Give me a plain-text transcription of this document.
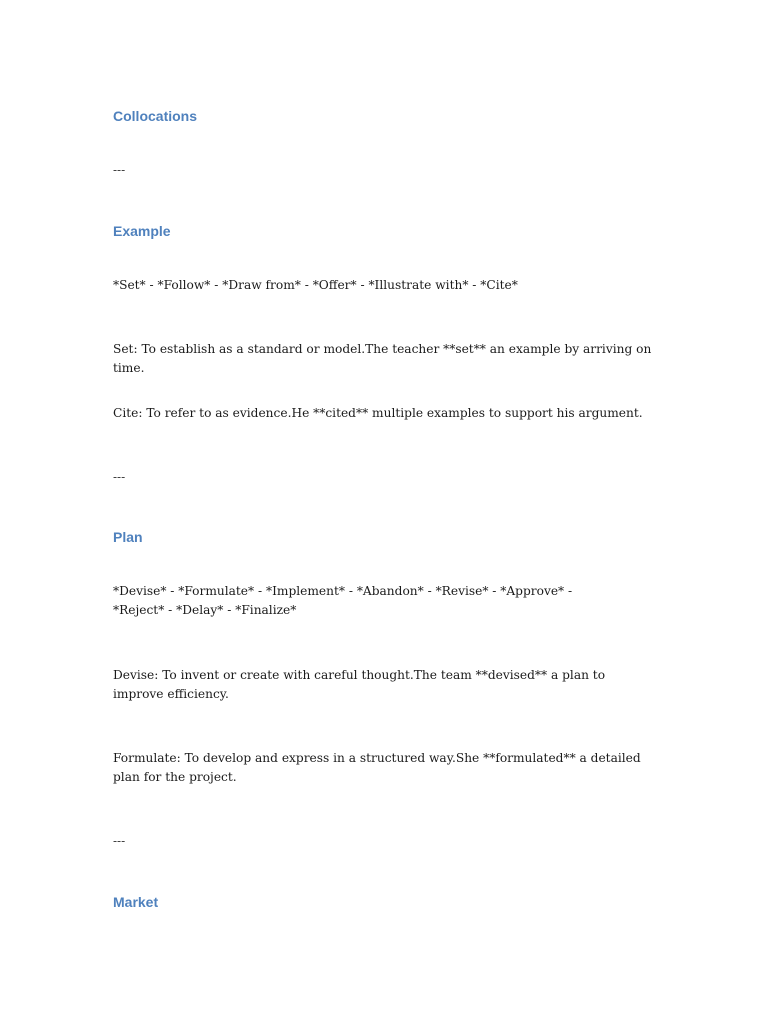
Collocations
---
Example
*Set* - *Follow* - *Draw from* - *Offer* - *Illustrate with* - *Cite*
Set: To establish as a standard or model.The teacher **set** an example by arriving on time.
Cite: To refer to as evidence.He **cited** multiple examples to support his argument.
---
Plan
*Devise* - *Formulate* - *Implement* - *Abandon* - *Revise* - *Approve* - *Reject* - *Delay* - *Finalize*
Devise: To invent or create with careful thought.The team **devised** a plan to improve efficiency.
Formulate: To develop and express in a structured way.She **formulated** a detailed plan for the project.
---
Market
